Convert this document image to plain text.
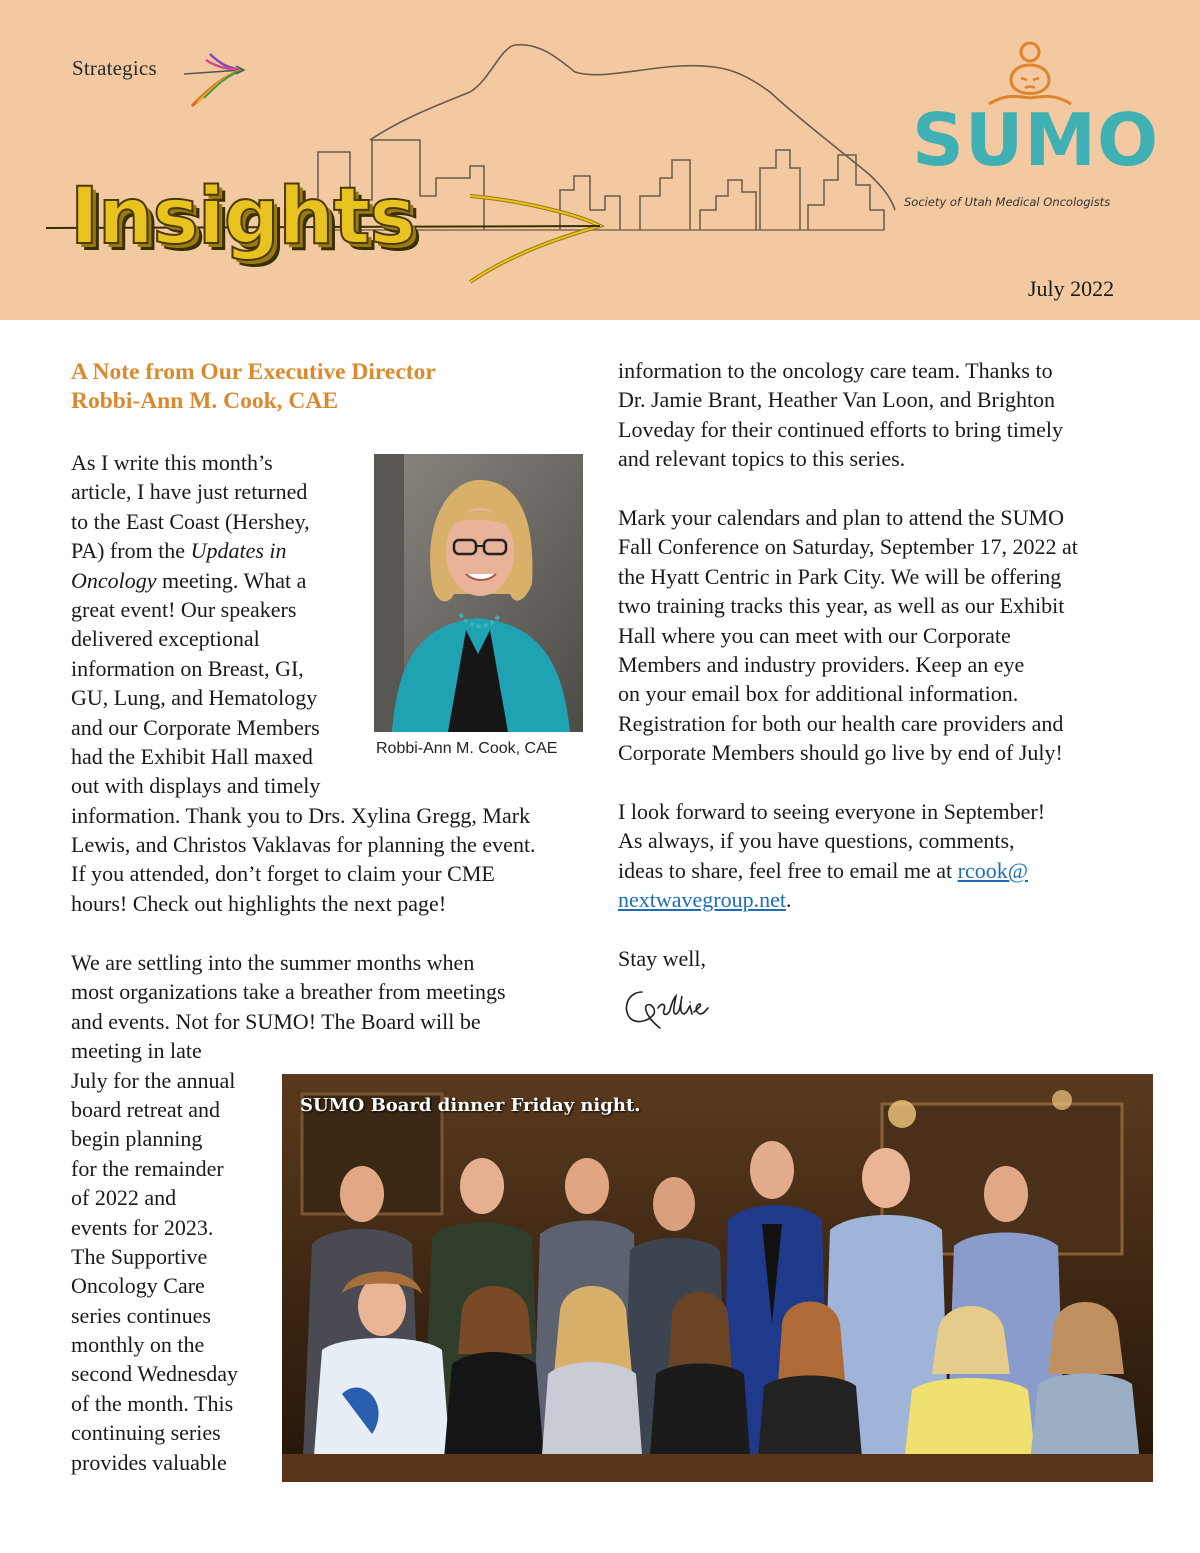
Strategics
Insights
SUMO
Society of Utah Medical Oncologists
July 2022
A Note from Our Executive Director
Robbi-Ann M. Cook, CAE
As I write this month’s
article, I have just returned
to the East Coast (Hershey,
PA) from the Updates in
Oncology meeting. What a
great event! Our speakers
delivered exceptional
information on Breast, GI,
GU, Lung, and Hematology
and our Corporate Members
had the Exhibit Hall maxed
out with displays and timely
information. Thank you to Drs. Xylina Gregg, Mark
Lewis, and Christos Vaklavas for planning the event.
If you attended, don’t forget to claim your CME
hours! Check out highlights the next page!
We are settling into the summer months when
most organizations take a breather from meetings
and events. Not for SUMO! The Board will be
meeting in late
July for the annual
board retreat and
begin planning
for the remainder
of 2022 and
events for 2023.
The Supportive
Oncology Care
series continues
monthly on the
second Wednesday
of the month. This
continuing series
provides valuable
Robbi-Ann M. Cook, CAE
information to the oncology care team. Thanks to
Dr. Jamie Brant, Heather Van Loon, and Brighton
Loveday for their continued efforts to bring timely
and relevant topics to this series.
Mark your calendars and plan to attend the SUMO
Fall Conference on Saturday, September 17, 2022 at
the Hyatt Centric in Park City. We will be offering
two training tracks this year, as well as our Exhibit
Hall where you can meet with our Corporate
Members and industry providers. Keep an eye
on your email box for additional information.
Registration for both our health care providers and
Corporate Members should go live by end of July!
I look forward to seeing everyone in September!
As always, if you have questions, comments,
ideas to share, feel free to email me at rcook@
nextwavegroup.net.
Stay well,
SUMO Board dinner Friday night.
